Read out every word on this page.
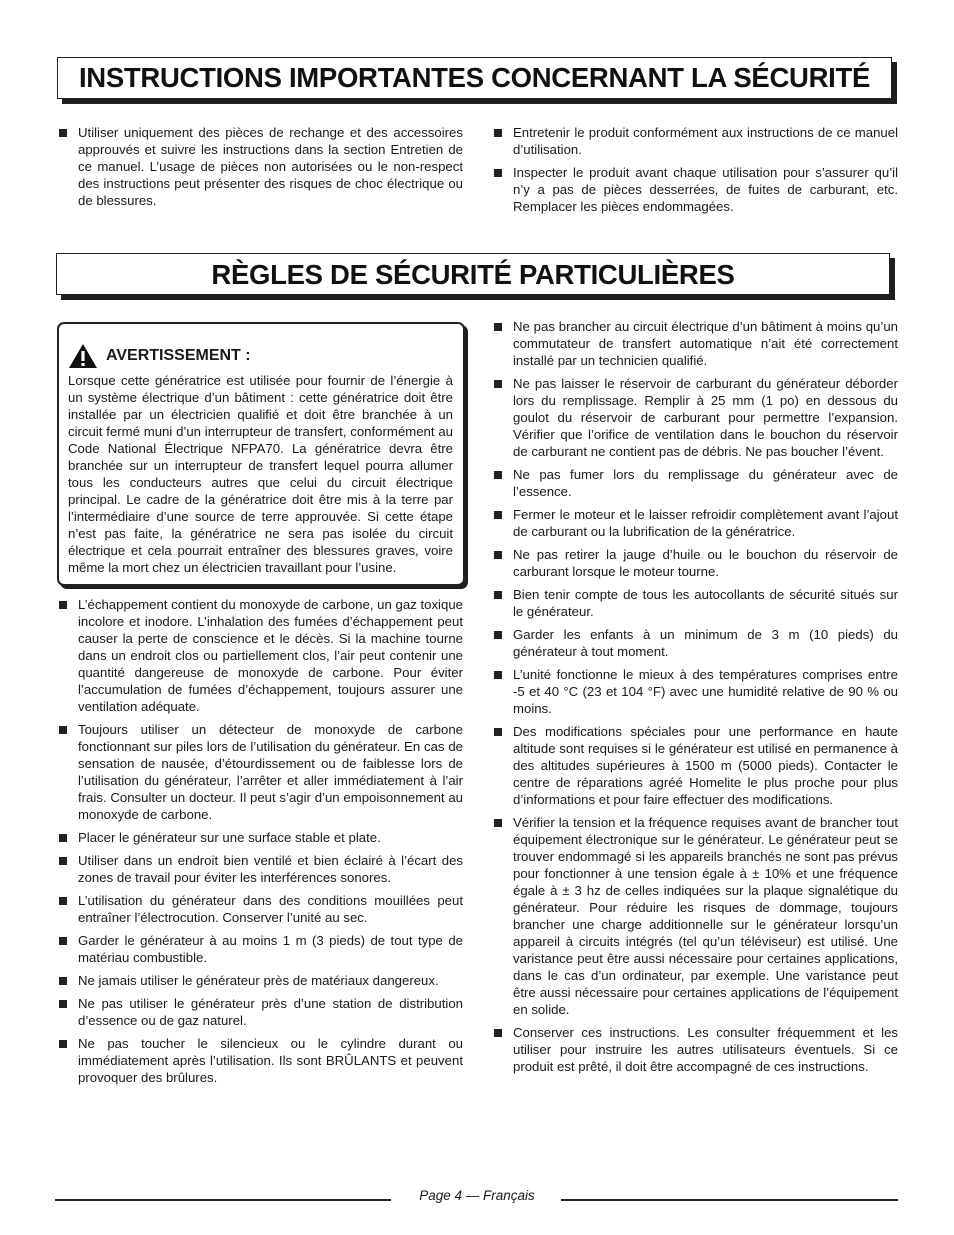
INSTRUCTIONS IMPORTANTES CONCERNANT LA SÉCURITÉ
Utiliser uniquement des pièces de rechange et des accessoires approuvés et suivre les instructions dans la section Entretien de ce manuel. L’usage de pièces non autorisées ou le non-respect des instructions peut présenter des risques de choc électrique ou de blessures.
Entretenir le produit conformément aux instructions de ce manuel d’utilisation.
Inspecter le produit avant chaque utilisation pour s’assurer qu’il n’y a pas de pièces desserrées, de fuites de carburant, etc. Remplacer les pièces endommagées.
RÈGLES DE SÉCURITÉ PARTICULIÈRES
AVERTISSEMENT :

Lorsque cette génératrice est utilisée pour fournir de l’énergie à un système électrique d’un bâtiment : cette génératrice doit être installée par un électricien qualifié et doit être branchée à un circuit fermé muni d’un interrupteur de transfert, conformément au Code National Électrique NFPA70. La génératrice devra être branchée sur un interrupteur de transfert lequel pourra allumer tous les conducteurs autres que celui du circuit électrique principal. Le cadre de la génératrice doit être mis à la terre par l’intermédiaire d’une source de terre approuvée. Si cette étape n’est pas faite, la génératrice ne sera pas isolée du circuit électrique et cela pourrait entraîner des blessures graves, voire même la mort chez un électricien travaillant pour l’usine.

L’échappement contient du monoxyde de carbone, un gaz toxique incolore et inodore. L’inhalation des fumées d’échappement peut causer la perte de conscience et le décès. Si la machine tourne dans un endroit clos ou partiellement clos, l’air peut contenir une quantité dangereuse de monoxyde de carbone. Pour éviter l’accumulation de fumées d’échappement, toujours assurer une ventilation adéquate.
Toujours utiliser un détecteur de monoxyde de carbone fonctionnant sur piles lors de l’utilisation du générateur. En cas de sensation de nausée, d’étourdissement ou de faiblesse lors de l’utilisation du générateur, l’arrêter et aller immédiatement à l’air frais. Consulter un docteur. Il peut s’agir d’un empoisonnement au monoxyde de carbone.
Placer le générateur sur une surface stable et plate.
Utiliser dans un endroit bien ventilé et bien éclairé à l’écart des zones de travail pour éviter les interférences sonores.
L’utilisation du générateur dans des conditions mouillées peut entraîner l’électrocution. Conserver l’unité au sec.
Garder le générateur à au moins 1 m (3 pieds) de tout type de matériau combustible.
Ne jamais utiliser le générateur près de matériaux dangereux.
Ne pas utiliser le générateur près d’une station de distribution d’essence ou de gaz naturel.
Ne pas toucher le silencieux ou le cylindre durant ou immédiatement après l’utilisation. Ils sont BRÛLANTS et peuvent provoquer des brûlures.
Ne pas brancher au circuit électrique d’un bâtiment à moins qu’un commutateur de transfert automatique n’ait été correctement installé par un technicien qualifié.
Ne pas laisser le réservoir de carburant du générateur déborder lors du remplissage. Remplir à 25 mm (1 po) en dessous du goulot du réservoir de carburant pour permettre l’expansion. Vérifier que l’orifice de ventilation dans le bouchon du réservoir de carburant ne contient pas de débris. Ne pas boucher l’évent.
Ne pas fumer lors du remplissage du générateur avec de l’essence.
Fermer le moteur et le laisser refroidir complètement avant l’ajout de carburant ou la lubrification de la génératrice.
Ne pas retirer la jauge d’huile ou le bouchon du réservoir de carburant lorsque le moteur tourne.
Bien tenir compte de tous les autocollants de sécurité situés sur le générateur.
Garder les enfants à un minimum de 3 m (10 pieds) du générateur à tout moment.
L’unité fonctionne le mieux à des températures comprises entre -5 et 40 °C (23 et 104 °F) avec une humidité relative de 90 % ou moins.
Des modifications spéciales pour une performance en haute altitude sont requises si le générateur est utilisé en permanence à des altitudes supérieures à 1500 m (5000 pieds). Contacter le centre de réparations agréé Homelite le plus proche pour plus d’informations et pour faire effectuer des modifications.
Vérifier la tension et la fréquence requises avant de brancher tout équipement électronique sur le générateur. Le générateur peut se trouver endommagé si les appareils branchés ne sont pas prévus pour fonctionner à une tension égale à ± 10% et une fréquence égale à ± 3 hz de celles indiquées sur la plaque signalétique du générateur. Pour réduire les risques de dommage, toujours brancher une charge additionnelle sur le générateur lorsqu’un appareil à circuits intégrés (tel qu’un téléviseur) est utilisé. Une varistance peut être aussi nécessaire pour certaines applications, dans le cas d’un ordinateur, par exemple. Une varistance peut être aussi nécessaire pour certaines applications de l’équipement en solide.
Conserver ces instructions. Les consulter fréquemment et les utiliser pour instruire les autres utilisateurs éventuels. Si ce produit est prêté, il doit être accompagné de ces instructions.
Page 4 — Français
